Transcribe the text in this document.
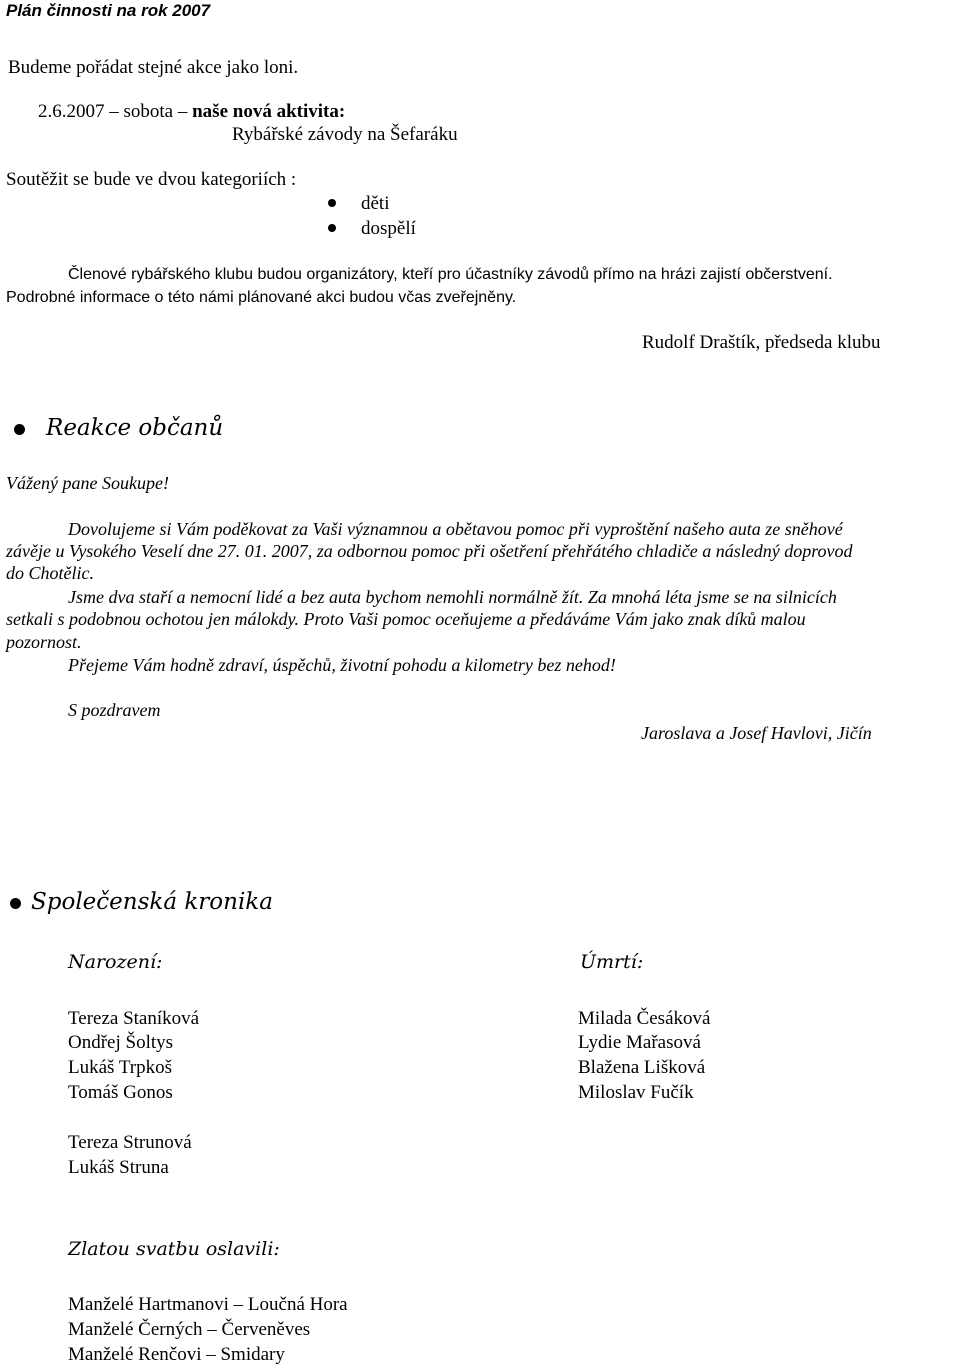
Plán činnosti na rok 2007
Budeme pořádat stejné akce jako loni.
2.6.2007 – sobota – naše nová aktivita:
Rybářské závody na Šefaráku
Soutěžit se bude ve dvou kategoriích :
děti
dospělí
Členové rybářského klubu budou organizátory, kteří pro účastníky závodů přímo na hrázi zajistí občerstvení.
Podrobné informace o této námi plánované akci budou včas zveřejněny.
Rudolf Draštík, předseda klubu
Reakce občanů
Vážený pane Soukupe!
Dovolujeme si Vám poděkovat za Vaši významnou a obětavou pomoc při vyproštění našeho auta ze sněhové
závěje u Vysokého Veselí dne 27. 01. 2007, za odbornou pomoc při ošetření přehřátého chladiče a následný doprovod
do Chotělic.
Jsme dva staří a nemocní lidé a bez auta bychom nemohli normálně žít. Za mnohá léta jsme se na silnicích
setkali s podobnou ochotou jen málokdy. Proto Vaši pomoc oceňujeme a předáváme Vám jako znak díků malou
pozornost.
Přejeme Vám hodně zdraví, úspěchů, životní pohodu a kilometry bez nehod!
S pozdravem
Jaroslava a Josef Havlovi, Jičín
Společenská kronika
Narození:	Úmrtí:
Tereza Staníková
Ondřej Šoltys
Lukáš Trpkoš
Tomáš Gonos
Milada Česáková
Lydie Mařasová
Blažena Lišková
Miloslav Fučík
Tereza Strunová
Lukáš Struna
Zlatou svatbu oslavili:
Manželé Hartmanovi – Loučná Hora
Manželé Černých – Červeněves
Manželé Renčovi – Smidary
